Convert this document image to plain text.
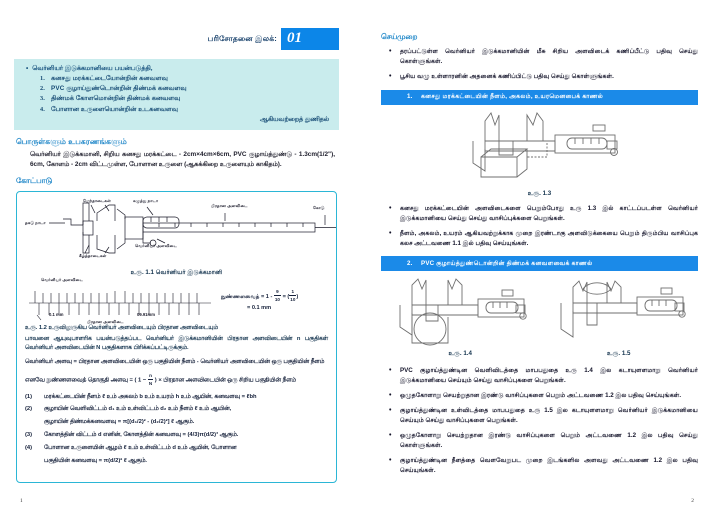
பரிசோதனை இலக்: 01
• வெர்னியர் இடுக்கமானியை பயன்படுத்தி,
1. கனசது மரக்கட்டையோன்றின் கனவளவு
2. PVC குழாய்துண்டொன்றின் திண்மக் கனவளவு
3. திண்மக் கோளமொன்றின் திண்மக் கனவளவு
4. போளான உருளையொன்றின் உடகனவளவு
ஆகியவற்றைத் துணிதல்
பொருள்களும் உபகரணங்களும்
வெர்னியர் இடுக்கமானி, சிறிய கனசது மரக்கட்டை - 2cm×4cm×6cm, PVC குழாய்த்துண்டு - 1.3cm(1/2"), 6cm, கோளம் - 2cm விட்டமுள்ள, போளான உருளை (ஆகக்கிறை உருளையும் காகிதம்).
கோட்பாடு
மேற்தாடைகள்	கழுத்து நாடா
பிரதான அளவிடை	கோடு
தகடு நாடா
வெர்னியர் அளவிடை
கீழ்த்தாடைகள்
உரு. 1.1 வெர்னியர் இடுக்கமானி
வெர்னியர் அளவிடை
0.1 mm	09.91mm
பிரதான அளவிடை
நுண்ணளவைத் = $1 - \frac{9}{10}$ = ( $\frac{1}{10}$ )
= 0.1 mm
உரு. 1.2 உருவிலுருகிய வெர்னியர் அளவிடையும் பிரதான அளவிடையும்
பாவனை ஆயுவுபாளரிக பயன்படுத்தப்பட வெர்னியர் இடுக்கமானியின் பிரதான அளவிடையின் n பகுதிகள் வெர்னியர் அளவிடையின் N பகுதிகளாக பிரிக்கப்பட்டிருக்கும்.
வெர்னியர் அளவு = பிரதான அளவிடையின் ஒரு பகுதியின் நீளம் - வெர்னியர் அளவிடையின் ஒரு பகுதியின் நீளம்
எனவே நுண்ணளவைத் தொகுதி அளவு = ( $1 - \frac{n}{N}$ ) × பிரதான அளவிடையின் ஒரு சிறிய பகுதியின் நீளம்
(1)	மரக்கட்டையின் நீளம் ℓ உம் அகலம் b உம் உயரம் h உம் ஆயின், கனவளவு = ℓbh
(2)	குழாயின் வெளிவிட்டம் d₁ உம் உள்விட்டம் d₂ உம் நீளம் ℓ உம் ஆயின்,
குழாயின் திண்மக்கனவளவு = π[(d₁/2)² - (d₂/2)²] ℓ ஆகும்.
(3)	கோளத்தின் விட்டம் d எனின், கோளத்தின் கனவளவு = (4/3)π(d/2)³ ஆகும்.
(4)	போளான உருளையின் ஆழம் ℓ உம் உள்விட்டம் d உம் ஆயின், போளான
பகுதியின் கனவளவு = π(d/2)² ℓ ஆகும்.
1
செய்முறை
• தரப்பட்டுள்ள வெர்னியர் இடுக்கமானியின் மீசு சிறிய அளவிடைக் கணிப்பீட்டு பதிவு செய்து கொள்ளுங்கள்.
• பூசிய வழு உள்ளாரனின் அதனைக் கணிப்பிட்டு பதிவு செய்து கொள்ளுங்கள்.
1. கனசது மரக்கட்டையின் நீளம், அகலம், உயரமெனபைக் காணல்
உரு. 1.3
• கனசது மரக்கட்டையின் அளவிடைகளை பெறும்போது உரு 1.3 இல் காட்டப்படள்ள வெர்னியர் இடுக்கமானியை செய்து செய்து வாசிப்புக்களை பெறுங்கள்.
• நீளம், அகலம், உயரம் ஆகியவற்றுக்காக முறை இரண்டாகு அளவிடுக்கையை பெறும் திரும்பிய வாசிப்புக கலச அட்டவணை 1.1 இல் பதிவு செய்யுங்கள்.
2. PVC குழாய்த்துண்டொன்றின் திண்மக் கனவளவைக் காணல்
உரு. 1.4	உரு. 1.5
• PVC குழாய்த்துண்டின வெளிவிடத்தை மாபபதுதை உரு 1.4 இல கடாயுளளமாறு வெர்னியர் இடுக்கமானியை செய்யும் செய்து வாசிப்புகளை பெறுங்கள்.
• ஒழுதகோளாறு செயற்றுதான இரண்டு வாசிப்புகளை பெறும் அட்டவணை 1.2 இல பதிவு செய்யுங்கள்.
• குழாய்த்துண்டின உள்விடத்தை மாபபதுதை உரு 1.5 இல கடாயுளளமாறு வெர்னியர் இடுக்கமானியை செய்யும் செய்து வாசிப்புகளை பெறுங்கள்.
• ஒழுதகோளாறு செயற்றுதான இரண்டு வாசிப்புகளை பெறும் அட்டவணை 1.2 இல பதிவு செய்து கொள்ளுங்கள்.
• குழாய்த்துண்டின நீளத்தை வெளவேறுபட முறை இடங்களில அளவது அட்டவணை 1.2 இல பதிவு செய்யுங்கள்.
2
